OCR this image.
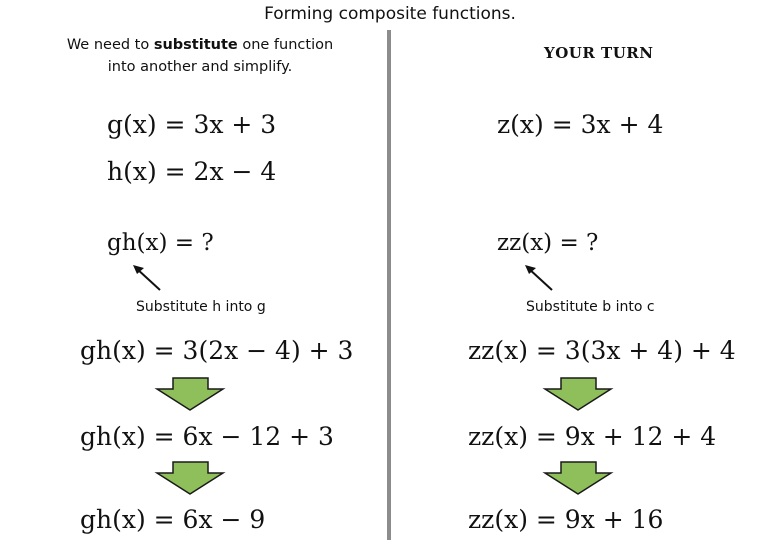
Forming composite functions.
We need to substitute one function
into another and simplify.
YOUR TURN
g(x) = 3x + 3
h(x) = 2x − 4
gh(x) = ?
Substitute h into g
gh(x) = 3(2x − 4) + 3
gh(x) = 6x − 12 + 3
gh(x) = 6x − 9
z(x) = 3x + 4
zz(x) = ?
Substitute b into c
zz(x) = 3(3x + 4) + 4
zz(x) = 9x + 12 + 4
zz(x) = 9x + 16
